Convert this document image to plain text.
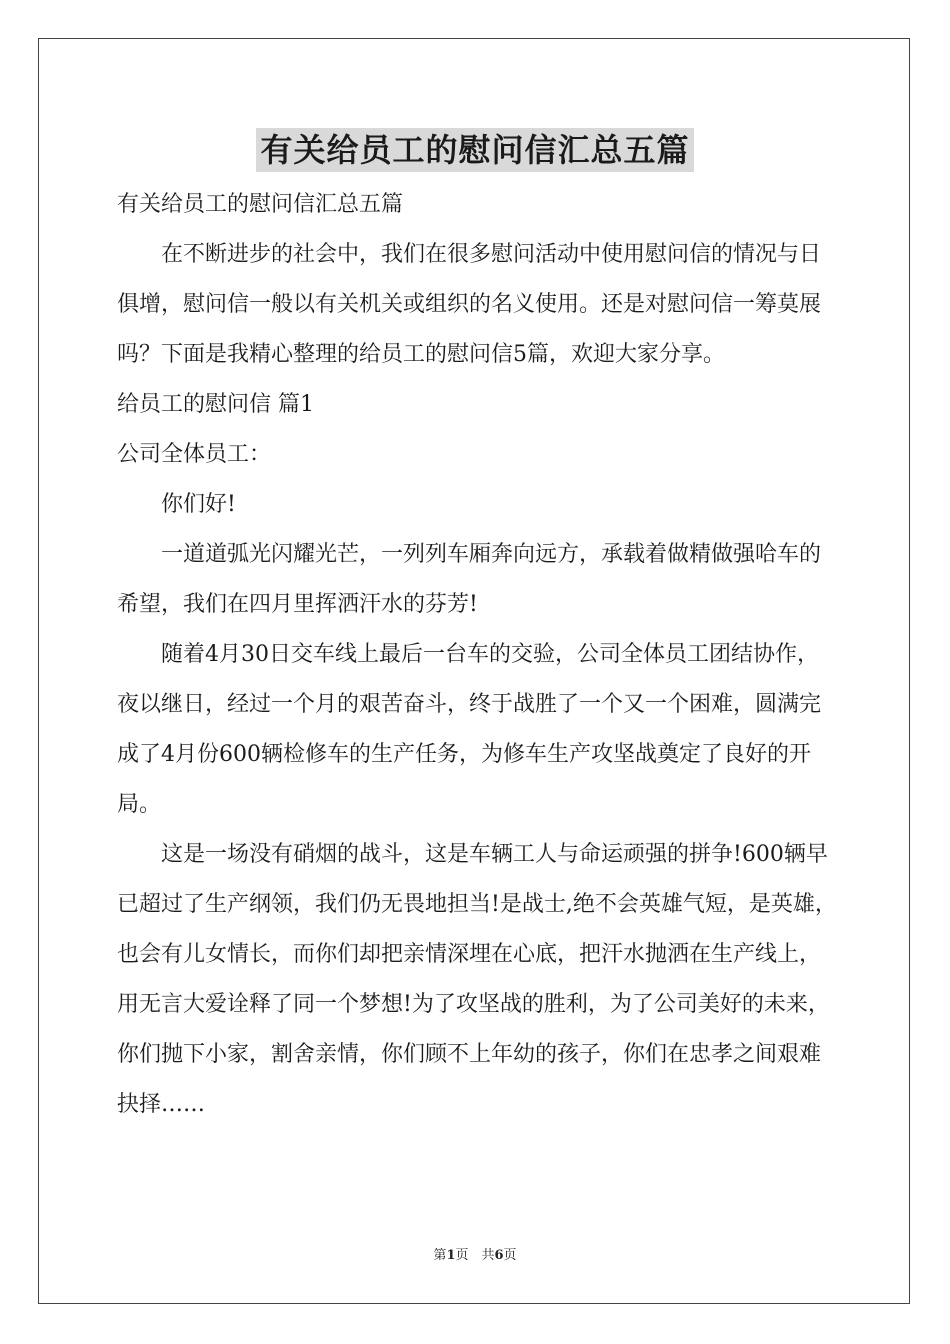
有关给员工的慰问信汇总五篇

有关给员工的慰问信汇总五篇

在不断进步的社会中，我们在很多慰问活动中使用慰问信的情况与日俱增，慰问信一般以有关机关或组织的名义使用。还是对慰问信一筹莫展吗？下面是我精心整理的给员工的慰问信5篇，欢迎大家分享。

给员工的慰问信 篇1

公司全体员工：

你们好!

一道道弧光闪耀光芒，一列列车厢奔向远方，承载着做精做强哈车的希望，我们在四月里挥洒汗水的芬芳!

随着4月30日交车线上最后一台车的交验，公司全体员工团结协作，夜以继日，经过一个月的艰苦奋斗，终于战胜了一个又一个困难，圆满完成了4月份600辆检修车的生产任务，为修车生产攻坚战奠定了良好的开局。

这是一场没有硝烟的战斗，这是车辆工人与命运顽强的拼争!600辆早已超过了生产纲领，我们仍无畏地担当!是战士,绝不会英雄气短，是英雄，也会有儿女情长，而你们却把亲情深埋在心底，把汗水抛洒在生产线上，用无言大爱诠释了同一个梦想!为了攻坚战的胜利，为了公司美好的未来，你们抛下小家，割舍亲情，你们顾不上年幼的孩子，你们在忠孝之间艰难抉择……

第1页　共6页
